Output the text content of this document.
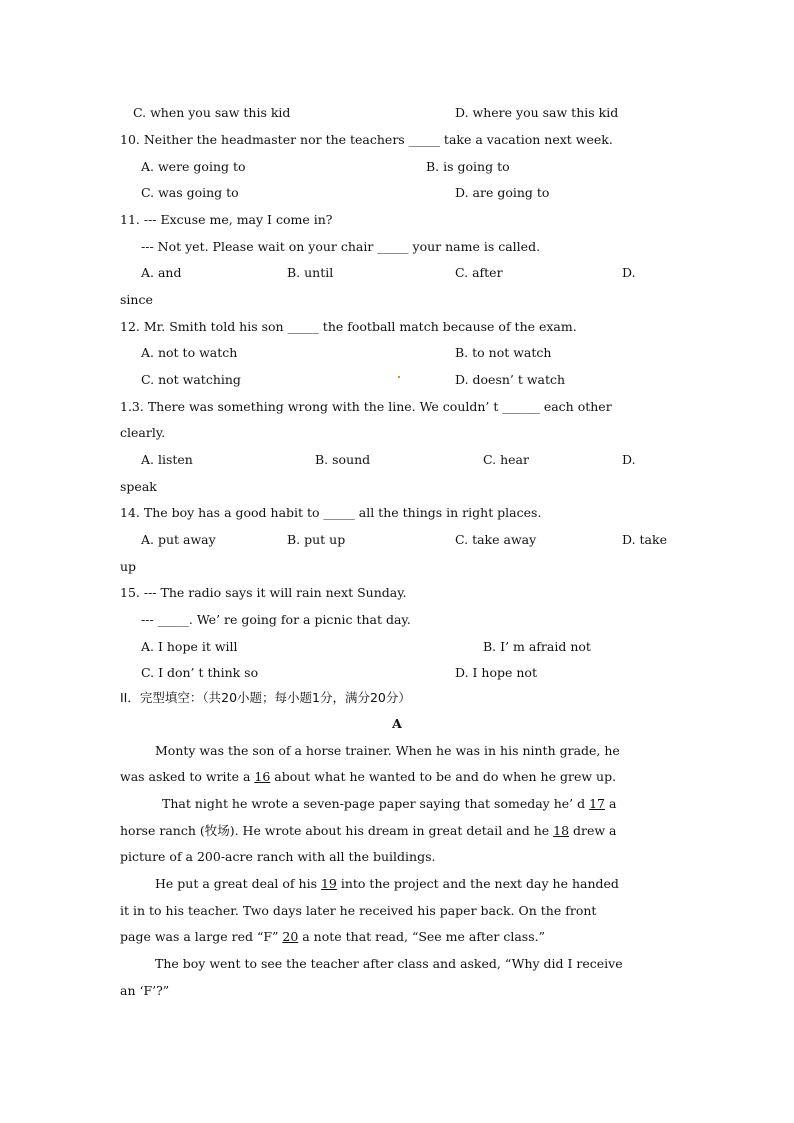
C. when you saw this kid	D. where you saw this kid
10. Neither the headmaster nor the teachers _____ take a vacation next week.
A. were going to	B. is going to
C. was going to	D. are going to
11. --- Excuse me, may I come in?
--- Not yet. Please wait on your chair _____ your name is called.
A. and	B. until	C. after	D.
since
12. Mr. Smith told his son _____ the football match because of the exam.
A. not to watch	B. to not watch
C. not watching	D. doesn’ t watch
1.3. There was something wrong with the line. We couldn’ t ______ each other
clearly.
A. listen	B. sound	C. hear	D.
speak
14. The boy has a good habit to _____ all the things in right places.
A. put away	B. put up	C. take away	D. take
up
15. --- The radio says it will rain next Sunday.
--- _____. We’ re going for a picnic that day.
A. I hope it will	B. I’ m afraid not
C. I don’ t think so	D. I hope not
II．完型填空：（共20小题；每小题1分，满分20分）
A
Monty was the son of a horse trainer. When he was in his ninth grade, he
was asked to write a 16 about what he wanted to be and do when he grew up.
That night he wrote a seven-page paper saying that someday he’ d 17 a
horse ranch (牧场). He wrote about his dream in great detail and he 18 drew a
picture of a 200-acre ranch with all the buildings.
He put a great deal of his 19 into the project and the next day he handed
it in to his teacher. Two days later he received his paper back. On the front
page was a large red “F” 20 a note that read, “See me after class.”
The boy went to see the teacher after class and asked, “Why did I receive
an ‘F’?”
